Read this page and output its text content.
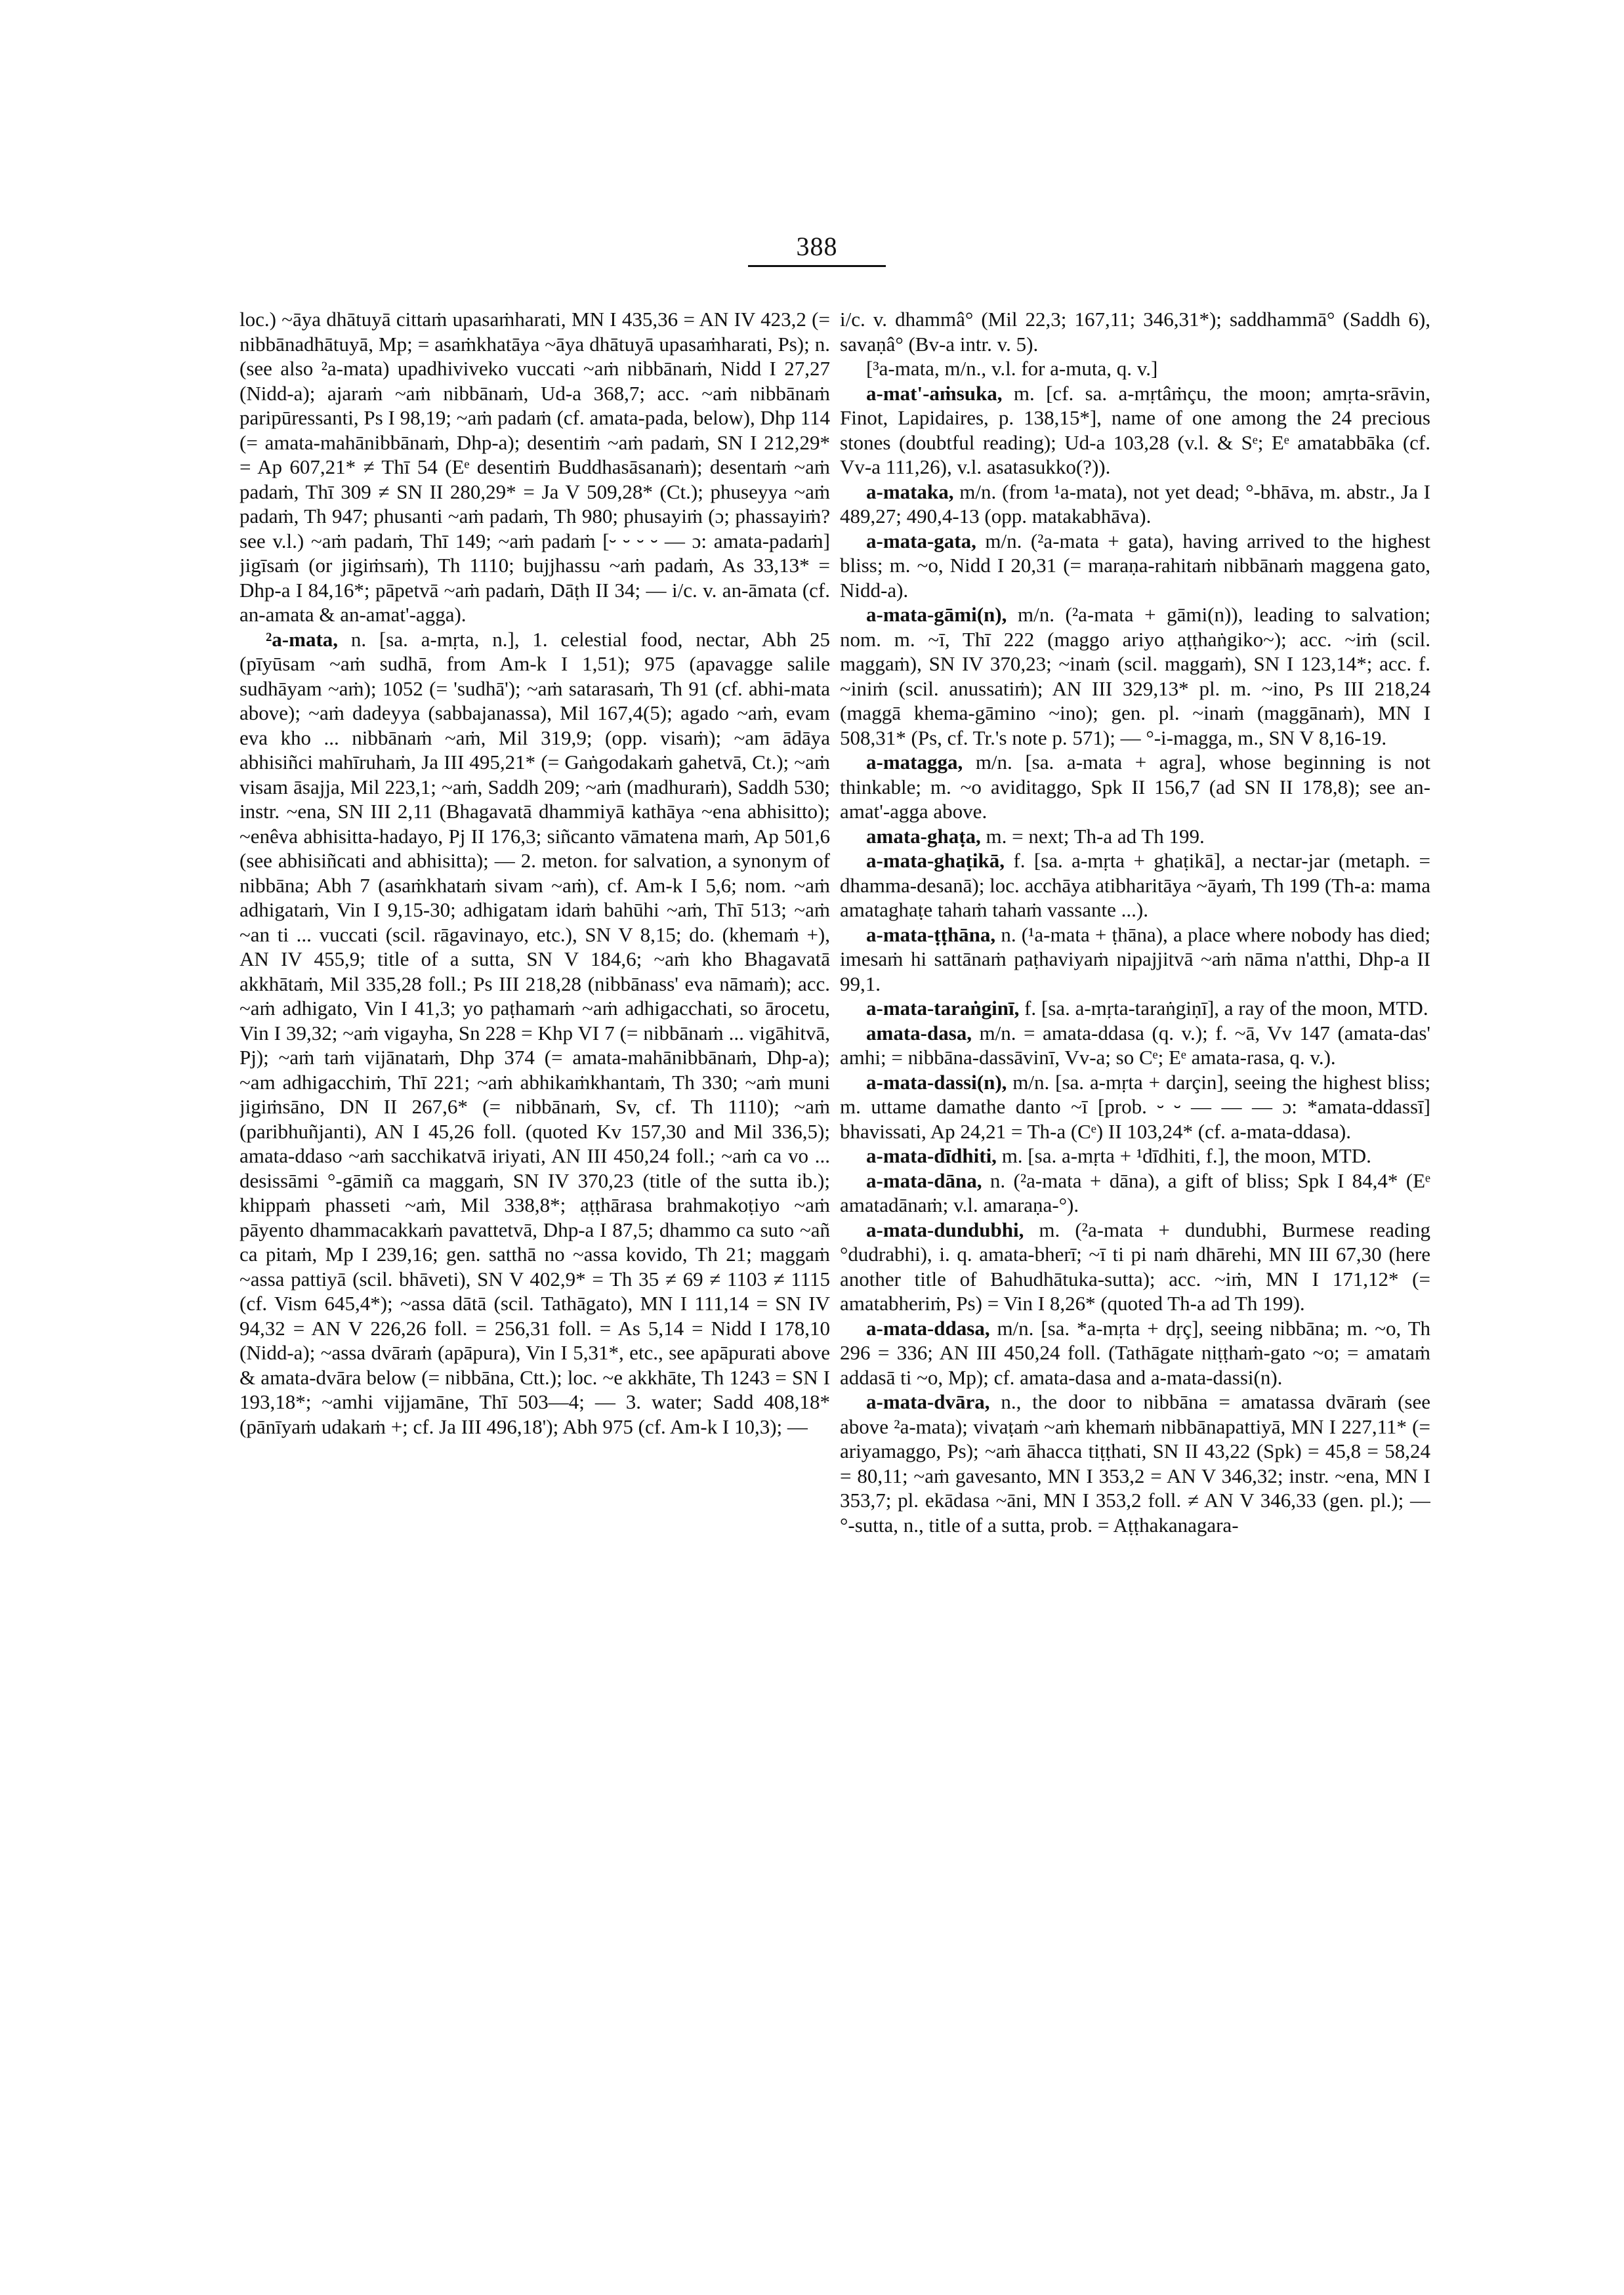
388

loc.) ~āya dhātuyā cittaṁ upasaṁharati, MN I 435,36 = AN IV 423,2 (= nibbānadhātuyā, Mp; = asaṁkhatāya ~āya dhātuyā upasaṁharati, Ps); n. (see also ²a-mata) upadhiviveko vuccati ~aṁ nibbānaṁ, Nidd I 27,27 (Nidd-a); ajaraṁ ~aṁ nibbānaṁ, Ud-a 368,7; acc. ~aṁ nibbānaṁ paripūressanti, Ps I 98,19; ~aṁ padaṁ (cf. amata-pada, below), Dhp 114 (= amata-mahānibbānaṁ, Dhp-a); desentiṁ ~aṁ padaṁ, SN I 212,29* = Ap 607,21* ≠ Thī 54 (Eᵉ desentiṁ Buddhasāsanaṁ); desentaṁ ~aṁ padaṁ, Thī 309 ≠ SN II 280,29* = Ja V 509,28* (Ct.); phuseyya ~aṁ padaṁ, Th 947; phusanti ~aṁ padaṁ, Th 980; phusayiṁ (ɔ; phassayiṁ? see v.l.) ~aṁ padaṁ, Thī 149; ~aṁ padaṁ [⏑ ⏑ ⏑ ⏑ — ɔ: amata-padaṁ] jigīsaṁ (or jigiṁsaṁ), Th 1110; bujjhassu ~aṁ padaṁ, As 33,13* = Dhp-a I 84,16*; pāpetvā ~aṁ padaṁ, Dāṭh II 34; — i/c. v. an-āmata (cf. an-amata & an-amat'-agga).

²a-mata, n. [sa. a-mṛta, n.], 1. celestial food, nectar, Abh 25 (pīyūsam ~aṁ sudhā, from Am-k I 1,51); 975 (apavagge salile sudhāyam ~aṁ); 1052 (= 'sudhā'); ~aṁ satarasaṁ, Th 91 (cf. abhi-mata above); ~aṁ dadeyya (sabbajanassa), Mil 167,4(5); agado ~aṁ, evam eva kho ... nibbānaṁ ~aṁ, Mil 319,9; (opp. visaṁ); ~am ādāya abhisiñci mahīruhaṁ, Ja III 495,21* (= Gaṅgodakaṁ gahetvā, Ct.); ~aṁ visam āsajja, Mil 223,1; ~aṁ, Saddh 209; ~aṁ (madhuraṁ), Saddh 530; instr. ~ena, SN III 2,11 (Bhagavatā dhammiyā kathāya ~ena abhisitto); ~enêva abhisitta-hadayo, Pj II 176,3; siñcanto vāmatena maṁ, Ap 501,6 (see abhisiñcati and abhisitta); — 2. meton. for salvation, a synonym of nibbāna; Abh 7 (asaṁkhataṁ sivam ~aṁ), cf. Am-k I 5,6; nom. ~aṁ adhigataṁ, Vin I 9,15-30; adhigatam idaṁ bahūhi ~aṁ, Thī 513; ~aṁ ~an ti ... vuccati (scil. rāgavinayo, etc.), SN V 8,15; do. (khemaṁ +), AN IV 455,9; title of a sutta, SN V 184,6; ~aṁ kho Bhagavatā akkhātaṁ, Mil 335,28 foll.; Ps III 218,28 (nibbānass' eva nāmaṁ); acc. ~aṁ adhigato, Vin I 41,3; yo paṭhamaṁ ~aṁ adhigacchati, so ārocetu, Vin I 39,32; ~aṁ vigayha, Sn 228 = Khp VI 7 (= nibbānaṁ ... vigāhitvā, Pj); ~aṁ taṁ vijānataṁ, Dhp 374 (= amata-mahānibbānaṁ, Dhp-a); ~am adhigacchiṁ, Thī 221; ~aṁ abhikaṁkhantaṁ, Th 330; ~aṁ muni jigiṁsāno, DN II 267,6* (= nibbānaṁ, Sv, cf. Th 1110); ~aṁ (paribhuñjanti), AN I 45,26 foll. (quoted Kv 157,30 and Mil 336,5); amata-ddaso ~aṁ sacchikatvā iriyati, AN III 450,24 foll.; ~aṁ ca vo ... desissāmi °-gāmiñ ca maggaṁ, SN IV 370,23 (title of the sutta ib.); khippaṁ phasseti ~aṁ, Mil 338,8*; aṭṭhārasa brahmakoṭiyo ~aṁ pāyento dhammacakkaṁ pavattetvā, Dhp-a I 87,5; dhammo ca suto ~añ ca pitaṁ, Mp I 239,16; gen. satthā no ~assa kovido, Th 21; maggaṁ ~assa pattiyā (scil. bhāveti), SN V 402,9* = Th 35 ≠ 69 ≠ 1103 ≠ 1115 (cf. Vism 645,4*); ~assa dātā (scil. Tathāgato), MN I 111,14 = SN IV 94,32 = AN V 226,26 foll. = 256,31 foll. = As 5,14 = Nidd I 178,10 (Nidd-a); ~assa dvāraṁ (apāpura), Vin I 5,31*, etc., see apāpurati above & amata-dvāra below (= nibbāna, Ctt.); loc. ~e akkhāte, Th 1243 = SN I 193,18*; ~amhi vijjamāne, Thī 503—4; — 3. water; Sadd 408,18* (pānīyaṁ udakaṁ +; cf. Ja III 496,18'); Abh 975 (cf. Am-k I 10,3); —

i/c. v. dhammâ° (Mil 22,3; 167,11; 346,31*); saddhammā° (Saddh 6), savaṇâ° (Bv-a intr. v. 5).

[³a-mata, m/n., v.l. for a-muta, q. v.]

a-mat'-aṁsuka, m. [cf. sa. a-mṛtâṁçu, the moon; amṛta-srāvin, Finot, Lapidaires, p. 138,15*], name of one among the 24 precious stones (doubtful reading); Ud-a 103,28 (v.l. & Sᵉ; Eᵉ amatabbāka (cf. Vv-a 111,26), v.l. asatasukko(?)).

a-mataka, m/n. (from ¹a-mata), not yet dead; °-bhāva, m. abstr., Ja I 489,27; 490,4-13 (opp. matakabhāva).

a-mata-gata, m/n. (²a-mata + gata), having arrived to the highest bliss; m. ~o, Nidd I 20,31 (= maraṇa-rahitaṁ nibbānaṁ maggena gato, Nidd-a).

a-mata-gāmi(n), m/n. (²a-mata + gāmi(n)), leading to salvation; nom. m. ~ī, Thī 222 (maggo ariyo aṭṭhaṅgiko~); acc. ~iṁ (scil. maggaṁ), SN IV 370,23; ~inaṁ (scil. maggaṁ), SN I 123,14*; acc. f. ~iniṁ (scil. anussatiṁ); AN III 329,13* pl. m. ~ino, Ps III 218,24 (maggā khema-gāmino ~ino); gen. pl. ~inaṁ (maggānaṁ), MN I 508,31* (Ps, cf. Tr.'s note p. 571); — °-i-magga, m., SN V 8,16-19.

a-matagga, m/n. [sa. a-mata + agra], whose beginning is not thinkable; m. ~o aviditaggo, Spk II 156,7 (ad SN II 178,8); see an-amat'-agga above.

amata-ghaṭa, m. = next; Th-a ad Th 199.

a-mata-ghaṭikā, f. [sa. a-mṛta + ghaṭikā], a nectar-jar (metaph. = dhamma-desanā); loc. acchāya atibharitāya ~āyaṁ, Th 199 (Th-a: mama amataghaṭe tahaṁ tahaṁ vassante ...).

a-mata-ṭṭhāna, n. (¹a-mata + ṭhāna), a place where nobody has died; imesaṁ hi sattānaṁ paṭhaviyaṁ nipajjitvā ~aṁ nāma n'atthi, Dhp-a II 99,1.

a-mata-taraṅginī, f. [sa. a-mṛta-taraṅgiṇī], a ray of the moon, MTD.

amata-dasa, m/n. = amata-ddasa (q. v.); f. ~ā, Vv 147 (amata-das' amhi; = nibbāna-dassāvinī, Vv-a; so Cᵉ; Eᵉ amata-rasa, q. v.).

a-mata-dassi(n), m/n. [sa. a-mṛta + darçin], seeing the highest bliss; m. uttame damathe danto ~ī [prob. ⏑ ⏑ — — — ɔ: *amata-ddassī] bhavissati, Ap 24,21 = Th-a (Cᵉ) II 103,24* (cf. a-mata-ddasa).

a-mata-dīdhiti, m. [sa. a-mṛta + ¹dīdhiti, f.], the moon, MTD.

a-mata-dāna, n. (²a-mata + dāna), a gift of bliss; Spk I 84,4* (Eᵉ amatadānaṁ; v.l. amaraṇa-°).

a-mata-dundubhi, m. (²a-mata + dundubhi, Burmese reading °dudrabhi), i. q. amata-bherī; ~ī ti pi naṁ dhārehi, MN III 67,30 (here another title of Bahudhātuka-sutta); acc. ~iṁ, MN I 171,12* (= amatabheriṁ, Ps) = Vin I 8,26* (quoted Th-a ad Th 199).

a-mata-ddasa, m/n. [sa. *a-mṛta + dṛç], seeing nibbāna; m. ~o, Th 296 = 336; AN III 450,24 foll. (Tathāgate niṭṭhaṁ-gato ~o; = amataṁ addasā ti ~o, Mp); cf. amata-dasa and a-mata-dassi(n).

a-mata-dvāra, n., the door to nibbāna = amatassa dvāraṁ (see above ²a-mata); vivaṭaṁ ~aṁ khemaṁ nibbānapattiyā, MN I 227,11* (= ariyamaggo, Ps); ~aṁ āhacca tiṭṭhati, SN II 43,22 (Spk) = 45,8 = 58,24 = 80,11; ~aṁ gavesanto, MN I 353,2 = AN V 346,32; instr. ~ena, MN I 353,7; pl. ekādasa ~āni, MN I 353,2 foll. ≠ AN V 346,33 (gen. pl.); — °-sutta, n., title of a sutta, prob. = Aṭṭhakanagara-
